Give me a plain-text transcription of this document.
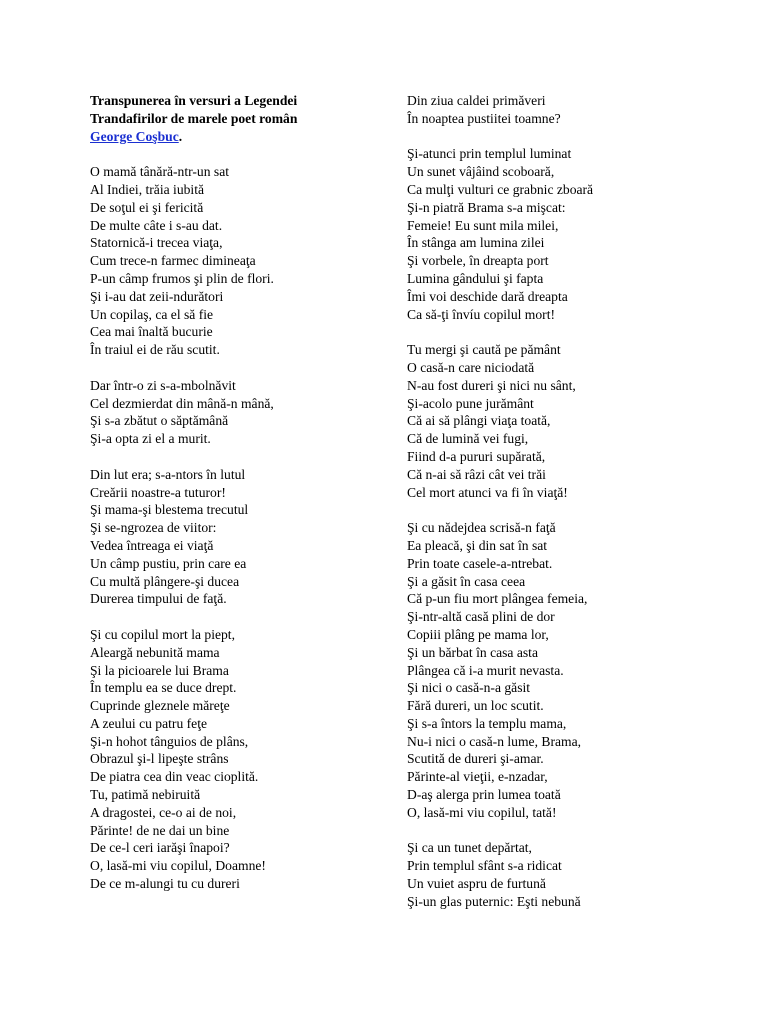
Transpunerea în versuri a Legendei
Trandafirilor de marele poet român
George Coşbuc.
O mamă tânără-ntr-un sat
Al Indiei, trăia iubită
De soţul ei şi fericită
De multe câte i s-au dat.
Statornică-i trecea viaţa,
Cum trece-n farmec dimineaţa
P-un câmp frumos şi plin de flori.
Şi i-au dat zeii-ndurători
Un copilaş, ca el să fie
Cea mai înaltă bucurie
În traiul ei de rău scutit.
Dar într-o zi s-a-mbolnăvit
Cel dezmierdat din mână-n mână,
Şi s-a zbătut o săptămână
Şi-a opta zi el a murit.
Din lut era; s-a-ntors în lutul
Creării noastre-a tuturor!
Şi mama-şi blestema trecutul
Şi se-ngrozea de viitor:
Vedea întreaga ei viaţă
Un câmp pustiu, prin care ea
Cu multă plângere-şi ducea
Durerea timpului de faţă.
Şi cu copilul mort la piept,
Aleargă nebunită mama
Şi la picioarele lui Brama
În templu ea se duce drept.
Cuprinde gleznele măreţe
A zeului cu patru feţe
Şi-n hohot tânguios de plâns,
Obrazul şi-l lipeşte strâns
De piatra cea din veac cioplită.
Tu, patimă nebiruită
A dragostei, ce-o ai de noi,
Părinte! de ne dai un bine
De ce-l ceri iarăşi înapoi?
O, lasă-mi viu copilul, Doamne!
De ce m-alungi tu cu dureri
Din ziua caldei primăveri
În noaptea pustiitei toamne?
Şi-atunci prin templul luminat
Un sunet vâjâind scoboară,
Ca mulţi vulturi ce grabnic zboară
Şi-n piatră Brama s-a mişcat:
Femeie! Eu sunt mila milei,
În stânga am lumina zilei
Şi vorbele, în dreapta port
Lumina gândului şi fapta
Îmi voi deschide dară dreapta
Ca să-ţi învíu copilul mort!
Tu mergi şi caută pe pământ
O casă-n care niciodată
N-au fost dureri şi nici nu sânt,
Şi-acolo pune jurământ
Că ai să plângi viaţa toată,
Că de lumină vei fugi,
Fiind d-a pururi supărată,
Că n-ai să râzi cât vei trăi
Cel mort atunci va fi în viaţă!
Şi cu nădejdea scrisă-n faţă
Ea pleacă, şi din sat în sat
Prin toate casele-a-ntrebat.
Şi a găsit în casa ceea
Că p-un fiu mort plângea femeia,
Şi-ntr-altă casă plini de dor
Copiii plâng pe mama lor,
Şi un bărbat în casa asta
Plângea că i-a murit nevasta.
Şi nici o casă-n-a găsit
Fără dureri, un loc scutit.
Şi s-a întors la templu mama,
Nu-i nici o casă-n lume, Brama,
Scutită de dureri şi-amar.
Părinte-al vieţii, e-nzadar,
D-aş alerga prin lumea toată
O, lasă-mi viu copilul, tată!
Şi ca un tunet depărtat,
Prin templul sfânt s-a ridicat
Un vuiet aspru de furtună
Şi-un glas puternic: Eşti nebună
